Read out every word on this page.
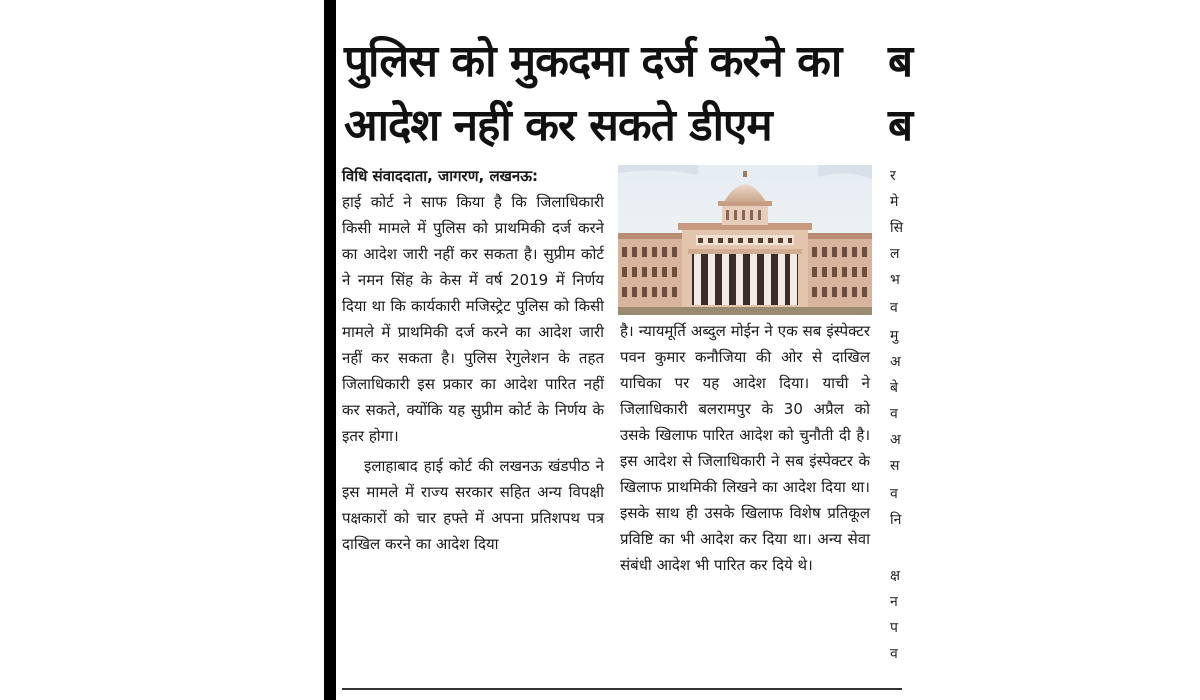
पुलिस को मुकदमा दर्ज करने का
आदेश नहीं कर सकते डीएम
विधि संवाददाता, जागरण, लखनऊ:

हाई कोर्ट ने साफ किया है कि जिलाधिकारी किसी मामले में पुलिस को प्राथमिकी दर्ज करने का आदेश जारी नहीं कर सकता है। सुप्रीम कोर्ट ने नमन सिंह के केस में वर्ष 2019 में निर्णय दिया था कि कार्यकारी मजिस्ट्रेट पुलिस को किसी मामले में प्राथमिकी दर्ज करने का आदेश जारी नहीं कर सकता है। पुलिस रेगुलेशन के तहत जिलाधिकारी इस प्रकार का आदेश पारित नहीं कर सकते, क्योंकि यह सुप्रीम कोर्ट के निर्णय के इतर होगा।

इलाहाबाद हाई कोर्ट की लखनऊ खंडपीठ ने इस मामले में राज्य सरकार सहित अन्य विपक्षी पक्षकारों को चार हफ्ते में अपना प्रतिशपथ पत्र दाखिल करने का आदेश दिया

है। न्यायमूर्ति अब्दुल मोईन ने एक सब इंस्पेक्टर पवन कुमार कनौजिया की ओर से दाखिल याचिका पर यह आदेश दिया। याची ने जिलाधिकारी बलरामपुर के 30 अप्रैल को उसके खिलाफ पारित आदेश को चुनौती दी है। इस आदेश से जिलाधिकारी ने सब इंस्पेक्टर के खिलाफ प्राथमिकी लिखने का आदेश दिया था। इसके साथ ही उसके खिलाफ विशेष प्रतिकूल प्रविष्टि का भी आदेश कर दिया था। अन्य सेवा संबंधी आदेश भी पारित कर दिये थे।

ब
ब
र
मे
सि
ल
भ
व
मु
अ
बे
व
अ
स
व
नि
क्ष
न
प
व
